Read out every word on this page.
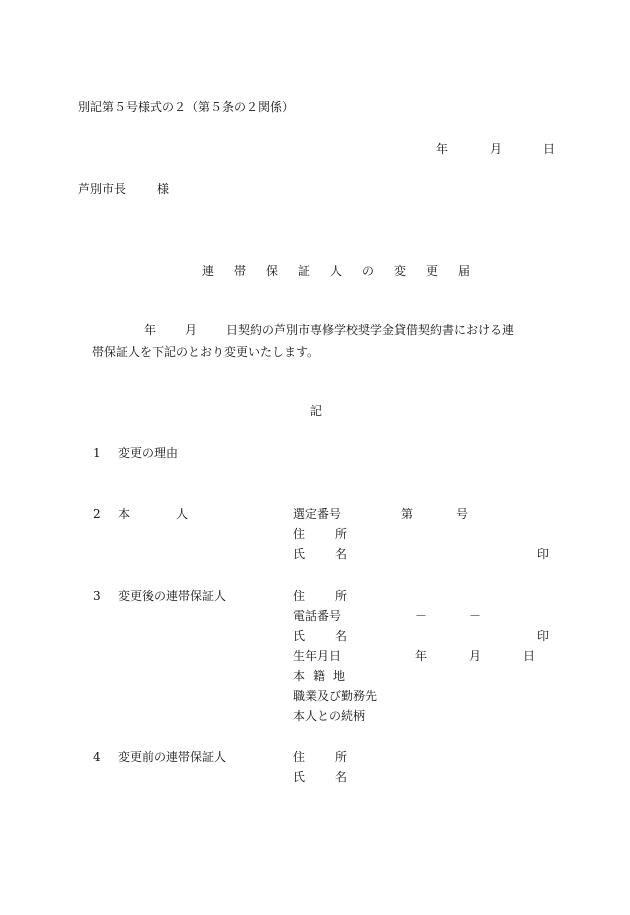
別記第５号様式の２（第５条の２関係）
年	月	日
芦別市長	様
連帯保証人の変更届
年 月 日契約の芦別市専修学校奨学金貸借契約書における連
帯保証人を下記のとおり変更いたします。
記
1 変更の理由
2 本人	選定番号	第	号
住所
氏名	印
3 変更後の連帯保証人	住所
電話番号	－	－
氏名	印
生年月日	年	月	日
本籍地
職業及び勤務先
本人との続柄
4 変更前の連帯保証人	住所
氏名
